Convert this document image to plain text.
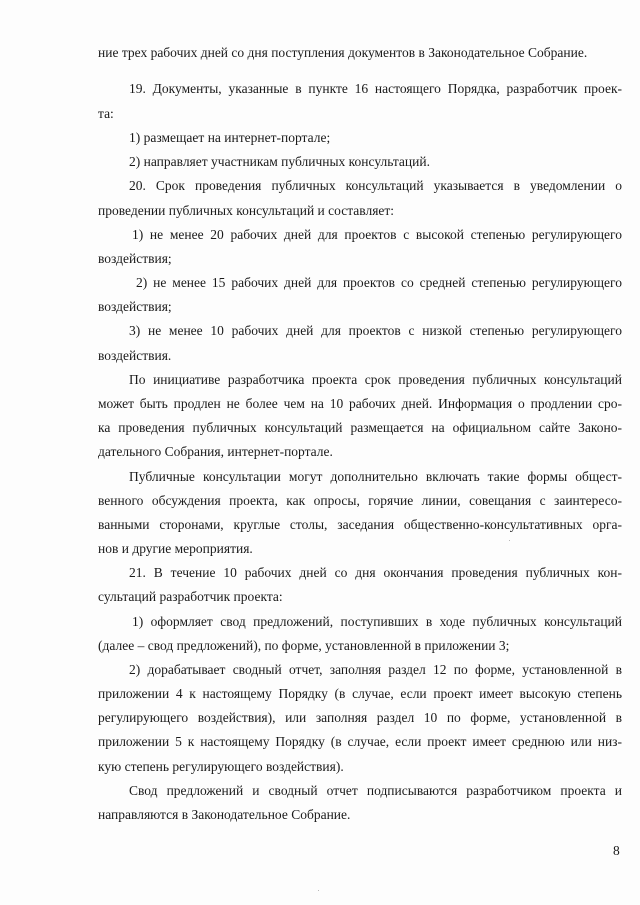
ние трех рабочих дней со дня поступления документов в Законодательное Собрание.
19. Документы, указанные в пункте 16 настоящего Порядка, разработчик проек-
та:
1) размещает на интернет-портале;
2) направляет участникам публичных консультаций.
20. Срок проведения публичных консультаций указывается в уведомлении о
проведении публичных консультаций и составляет:
1) не менее 20 рабочих дней для проектов с высокой степенью регулирующего
воздействия;
2) не менее 15 рабочих дней для проектов со средней степенью регулирующего
воздействия;
3) не менее 10 рабочих дней для проектов с низкой степенью регулирующего
воздействия.
По инициативе разработчика проекта срок проведения публичных консультаций
может быть продлен не более чем на 10 рабочих дней. Информация о продлении сро-
ка проведения публичных консультаций размещается на официальном сайте Законо-
дательного Собрания, интернет-портале.
Публичные консультации могут дополнительно включать такие формы общест-
венного обсуждения проекта, как опросы, горячие линии, совещания с заинтересо-
ванными сторонами, круглые столы, заседания общественно-консультативных орга-
нов и другие мероприятия.
21. В течение 10 рабочих дней со дня окончания проведения публичных кон-
сультаций разработчик проекта:
1) оформляет свод предложений, поступивших в ходе публичных консультаций
(далее – свод предложений), по форме, установленной в приложении 3;
2) дорабатывает сводный отчет, заполняя раздел 12 по форме, установленной в
приложении 4 к настоящему Порядку (в случае, если проект имеет высокую степень
регулирующего воздействия), или заполняя раздел 10 по форме, установленной в
приложении 5 к настоящему Порядку (в случае, если проект имеет среднюю или низ-
кую степень регулирующего воздействия).
Свод предложений и сводный отчет подписываются разработчиком проекта и
направляются в Законодательное Собрание.
8
